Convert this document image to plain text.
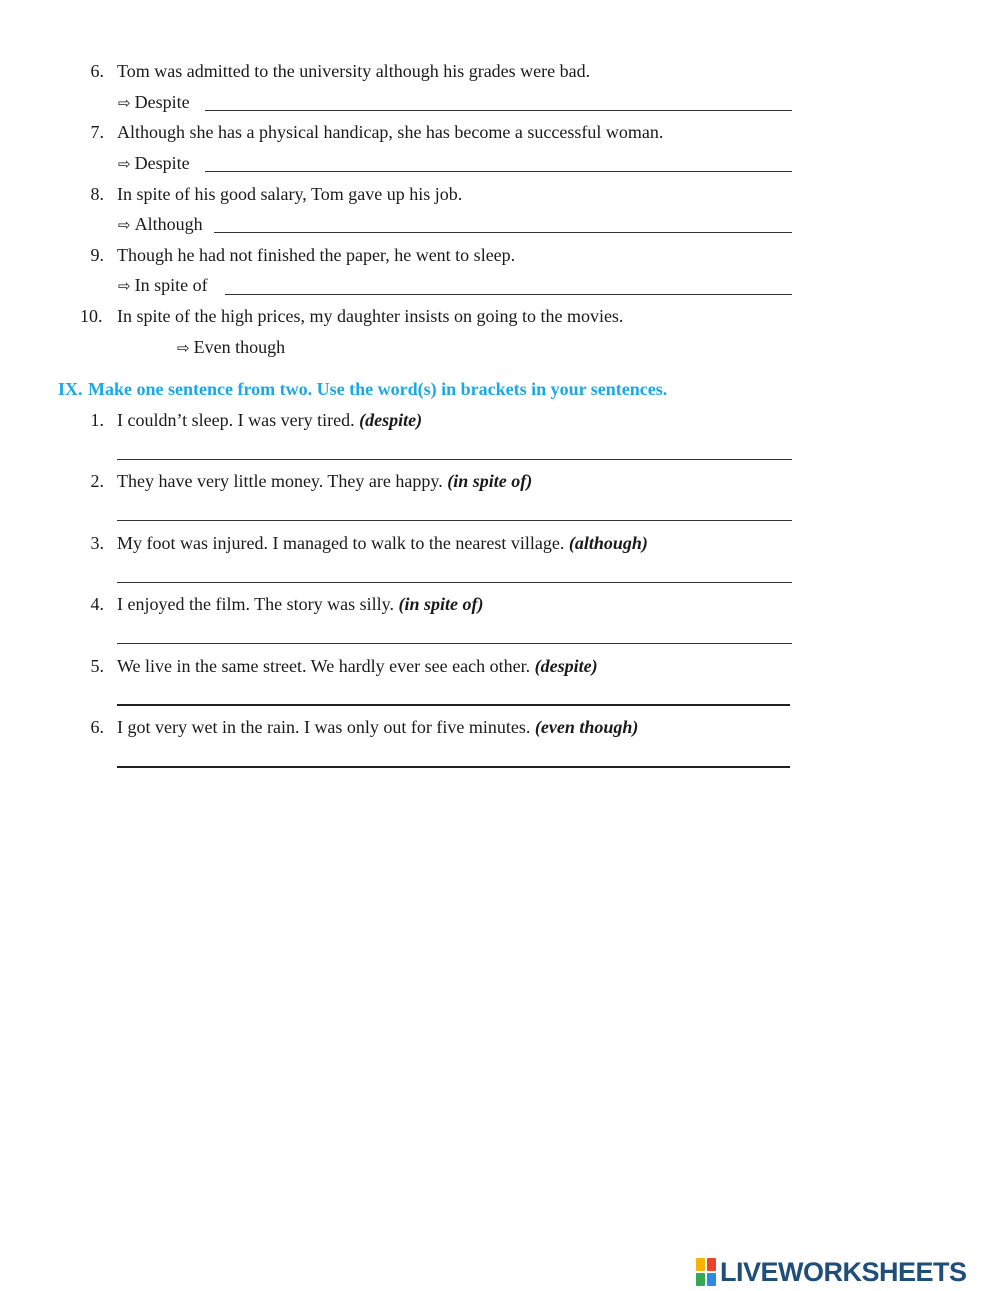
6. Tom was admitted to the university although his grades were bad.
⇨ Despite
7. Although she has a physical handicap, she has become a successful woman.
⇨ Despite
8. In spite of his good salary, Tom gave up his job.
⇨ Although
9. Though he had not finished the paper, he went to sleep.
⇨ In spite of
10. In spite of the high prices, my daughter insists on going to the movies.
⇨ Even though
IX. Make one sentence from two. Use the word(s) in brackets in your sentences.
1. I couldn’t sleep. I was very tired. (despite)
2. They have very little money. They are happy. (in spite of)
3. My foot was injured. I managed to walk to the nearest village. (although)
4. I enjoyed the film. The story was silly. (in spite of)
5. We live in the same street. We hardly ever see each other. (despite)
6. I got very wet in the rain. I was only out for five minutes. (even though)
LIVEWORKSHEETS
